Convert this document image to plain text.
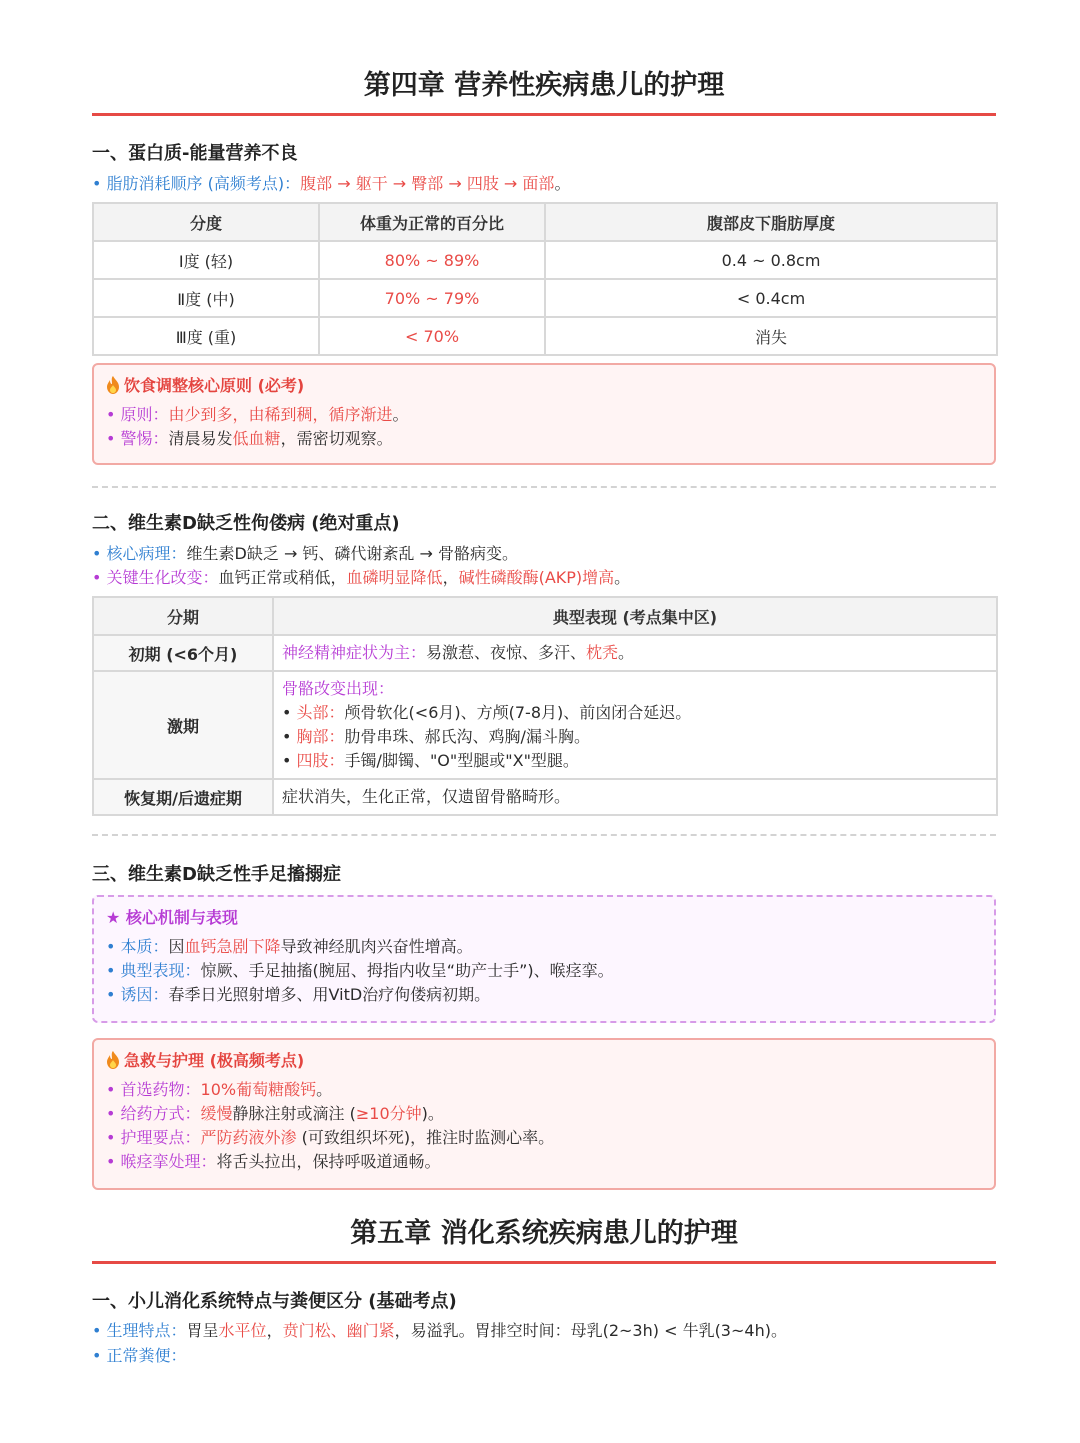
第四章 营养性疾病患儿的护理
一、蛋白质-能量营养不良
• 脂肪消耗顺序 (高频考点)：腹部 → 躯干 → 臀部 → 四肢 → 面部。
分度	体重为正常的百分比	腹部皮下脂肪厚度
Ⅰ度 (轻)	80% ~ 89%	0.4 ~ 0.8cm
Ⅱ度 (中)	70% ~ 79%	< 0.4cm
Ⅲ度 (重)	< 70%	消失
饮食调整核心原则 (必考)
• 原则：由少到多，由稀到稠，循序渐进。
• 警惕：清晨易发低血糖，需密切观察。
二、维生素D缺乏性佝偻病 (绝对重点)
• 核心病理：维生素D缺乏 → 钙、磷代谢紊乱 → 骨骼病变。
• 关键生化改变：血钙正常或稍低，血磷明显降低，碱性磷酸酶(AKP)增高。
分期	典型表现 (考点集中区)
初期 (<6个月)	神经精神症状为主：易激惹、夜惊、多汗、枕秃。
激期	骨骼改变出现：
• 头部：颅骨软化(<6月)、方颅(7-8月)、前囟闭合延迟。
• 胸部：肋骨串珠、郝氏沟、鸡胸/漏斗胸。
• 四肢：手镯/脚镯、"O"型腿或"X"型腿。

恢复期/后遗症期	症状消失，生化正常，仅遗留骨骼畸形。
三、维生素D缺乏性手足搐搦症
★ 核心机制与表现
• 本质：因血钙急剧下降导致神经肌肉兴奋性增高。
• 典型表现：惊厥、手足抽搐(腕屈、拇指内收呈“助产士手”)、喉痉挛。
• 诱因：春季日光照射增多、用VitD治疗佝偻病初期。
急救与护理 (极高频考点)
• 首选药物：10%葡萄糖酸钙。
• 给药方式：缓慢静脉注射或滴注 (≥10分钟)。
• 护理要点：严防药液外渗 (可致组织坏死)，推注时监测心率。
• 喉痉挛处理：将舌头拉出，保持呼吸道通畅。
第五章 消化系统疾病患儿的护理
一、小儿消化系统特点与粪便区分 (基础考点)
• 生理特点：胃呈水平位，贲门松、幽门紧，易溢乳。胃排空时间：母乳(2~3h) < 牛乳(3~4h)。
• 正常粪便：
